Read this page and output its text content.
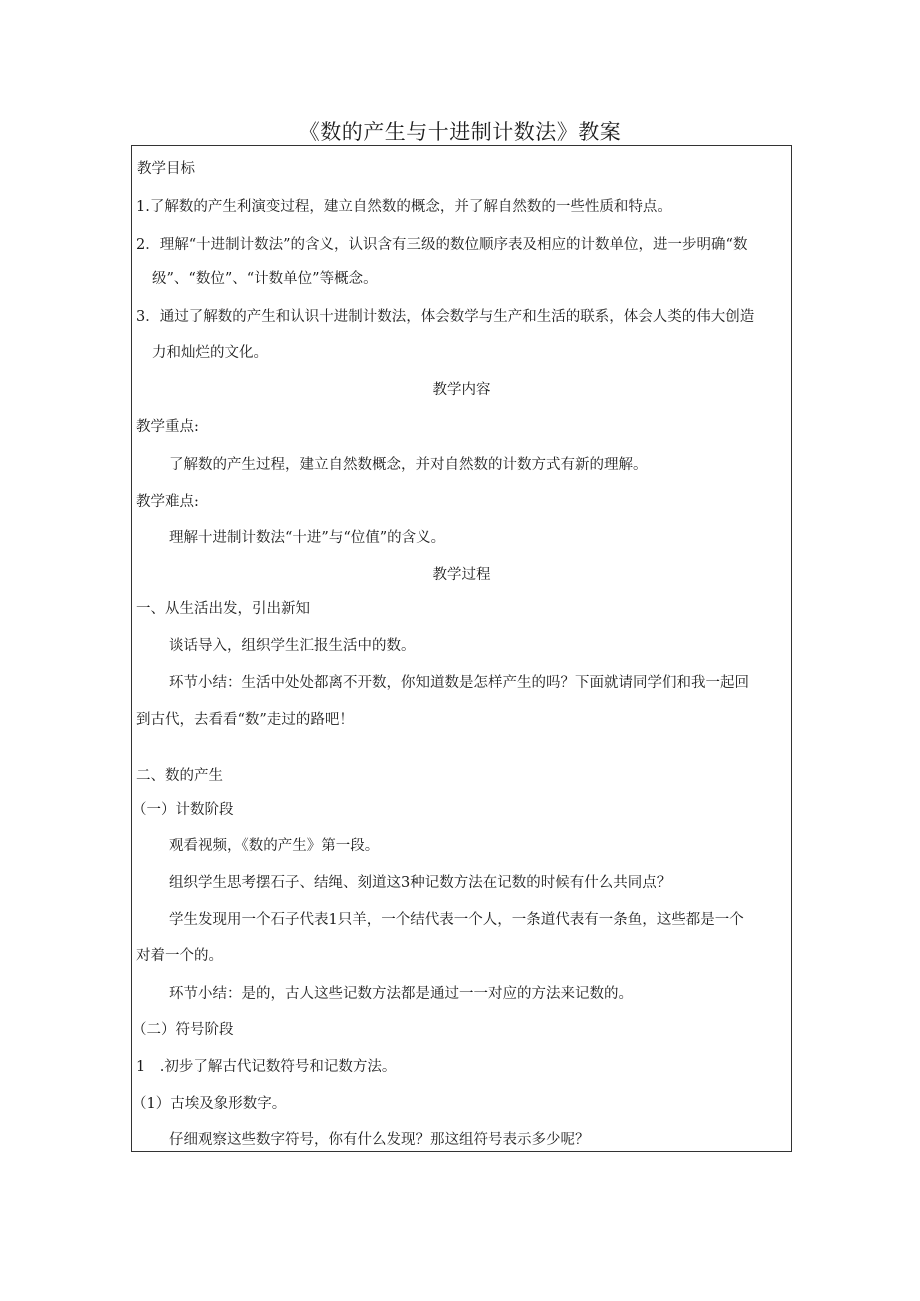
《数的产生与十进制计数法》教案
教学目标
1.了解数的产生利演变过程，建立自然数的概念，并了解自然数的一些性质和特点。
2．理解“十进制计数法”的含义，认识含有三级的数位顺序表及相应的计数单位，进一步明确“数
级”、“数位”、“计数单位”等概念。
3．通过了解数的产生和认识十进制计数法，体会数学与生产和生活的联系，体会人类的伟大创造
力和灿烂的文化。
教学内容
教学重点:
了解数的产生过程，建立自然数概念，并对自然数的计数方式有新的理解。
教学难点:
理解十进制计数法“十进”与“位值”的含义。
教学过程
一、从生活出发，引出新知
谈话导入，组织学生汇报生活中的数。
环节小结：生活中处处都离不开数，你知道数是怎样产生的吗？下面就请同学们和我一起回
到古代，去看看“数”走过的路吧！
二、数的产生
（一）计数阶段
观看视频，《数的产生》第一段。
组织学生思考摆石子、结绳、刻道这3种记数方法在记数的时候有什么共同点？
学生发现用一个石子代表1只羊，一个结代表一个人，一条道代表有一条鱼，这些都是一个
对着一个的。
环节小结：是的，古人这些记数方法都是通过一一对应的方法来记数的。
（二）符号阶段
1　.初步了解古代记数符号和记数方法。
（1）古埃及象形数字。
仔细观察这些数字符号，你有什么发现？那这组符号表示多少呢？
